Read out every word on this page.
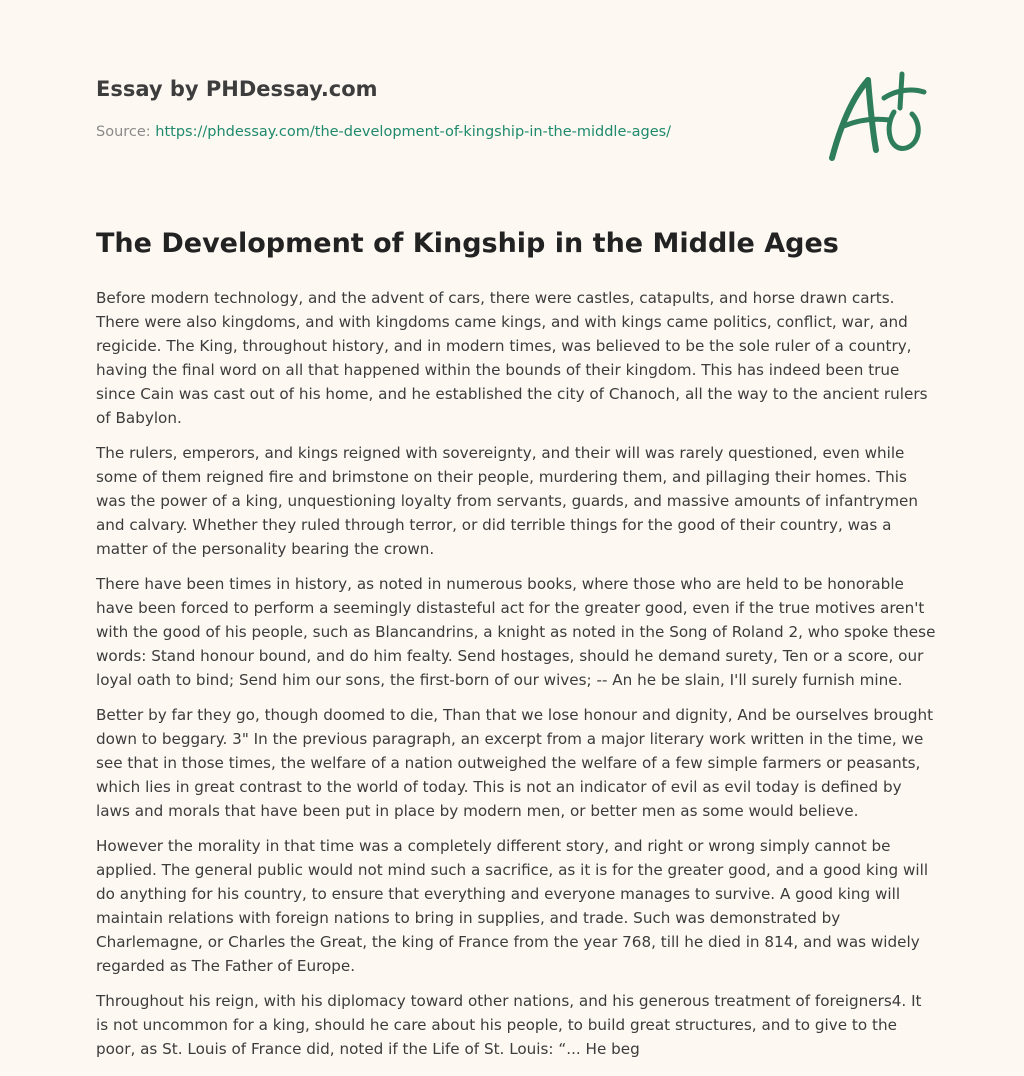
Essay by PHDessay.com
Source: https://phdessay.com/the-development-of-kingship-in-the-middle-ages/
The Development of Kingship in the Middle Ages

Before modern technology, and the advent of cars, there were castles, catapults, and horse drawn carts. There were also kingdoms, and with kingdoms came kings, and with kings came politics, conflict, war, and regicide. The King, throughout history, and in modern times, was believed to be the sole ruler of a country, having the final word on all that happened within the bounds of their kingdom. This has indeed been true since Cain was cast out of his home, and he established the city of Chanoch, all the way to the ancient rulers of Babylon.

The rulers, emperors, and kings reigned with sovereignty, and their will was rarely questioned, even while some of them reigned fire and brimstone on their people, murdering them, and pillaging their homes. This was the power of a king, unquestioning loyalty from servants, guards, and massive amounts of infantrymen and calvary. Whether they ruled through terror, or did terrible things for the good of their country, was a matter of the personality bearing the crown.

There have been times in history, as noted in numerous books, where those who are held to be honorable have been forced to perform a seemingly distasteful act for the greater good, even if the true motives aren't with the good of his people, such as Blancandrins, a knight as noted in the Song of Roland 2, who spoke these words: Stand honour bound, and do him fealty. Send hostages, should he demand surety, Ten or a score, our loyal oath to bind; Send him our sons, the first-born of our wives; -- An he be slain, I'll surely furnish mine.

Better by far they go, though doomed to die, Than that we lose honour and dignity, And be ourselves brought down to beggary. 3" In the previous paragraph, an excerpt from a major literary work written in the time, we see that in those times, the welfare of a nation outweighed the welfare of a few simple farmers or peasants, which lies in great contrast to the world of today. This is not an indicator of evil as evil today is defined by laws and morals that have been put in place by modern men, or better men as some would believe.

However the morality in that time was a completely different story, and right or wrong simply cannot be applied. The general public would not mind such a sacrifice, as it is for the greater good, and a good king will do anything for his country, to ensure that everything and everyone manages to survive. A good king will maintain relations with foreign nations to bring in supplies, and trade. Such was demonstrated by Charlemagne, or Charles the Great, the king of France from the year 768, till he died in 814, and was widely regarded as The Father of Europe.

Throughout his reign, with his diplomacy toward other nations, and his generous treatment of foreigners4. It is not uncommon for a king, should he care about his people, to build great structures, and to give to the poor, as St. Louis of France did, noted if the Life of St. Louis: “... He beg
